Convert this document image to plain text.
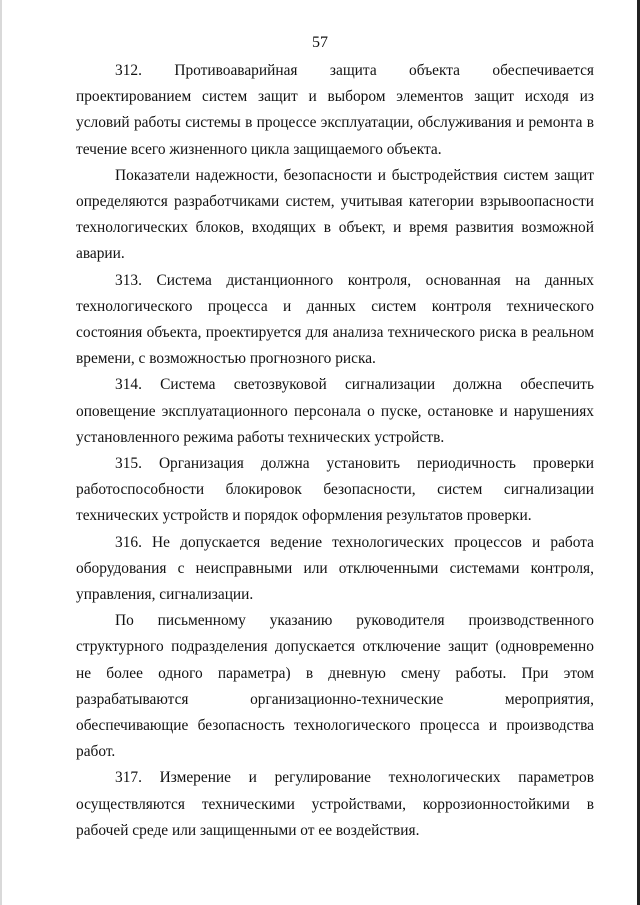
57

312. Противоаварийная защита объекта обеспечивается проектированием систем защит и выбором элементов защит исходя из условий работы системы в процессе эксплуатации, обслуживания и ремонта в течение всего жизненного цикла защищаемого объекта.

Показатели надежности, безопасности и быстродействия систем защит определяются разработчиками систем, учитывая категории взрывоопасности технологических блоков, входящих в объект, и время развития возможной аварии.

313. Система дистанционного контроля, основанная на данных технологического процесса и данных систем контроля технического состояния объекта, проектируется для анализа технического риска в реальном времени, с возможностью прогнозного риска.

314. Система светозвуковой сигнализации должна обеспечить оповещение эксплуатационного персонала о пуске, остановке и нарушениях установленного режима работы технических устройств.

315. Организация должна установить периодичность проверки работоспособности блокировок безопасности, систем сигнализации технических устройств и порядок оформления результатов проверки.

316. Не допускается ведение технологических процессов и работа оборудования с неисправными или отключенными системами контроля, управления, сигнализации.

По письменному указанию руководителя производственного структурного подразделения допускается отключение защит (одновременно не более одного параметра) в дневную смену работы. При этом разрабатываются организационно-технические мероприятия, обеспечивающие безопасность технологического процесса и производства работ.

317. Измерение и регулирование технологических параметров осуществляются техническими устройствами, коррозионностойкими в рабочей среде или защищенными от ее воздействия.
